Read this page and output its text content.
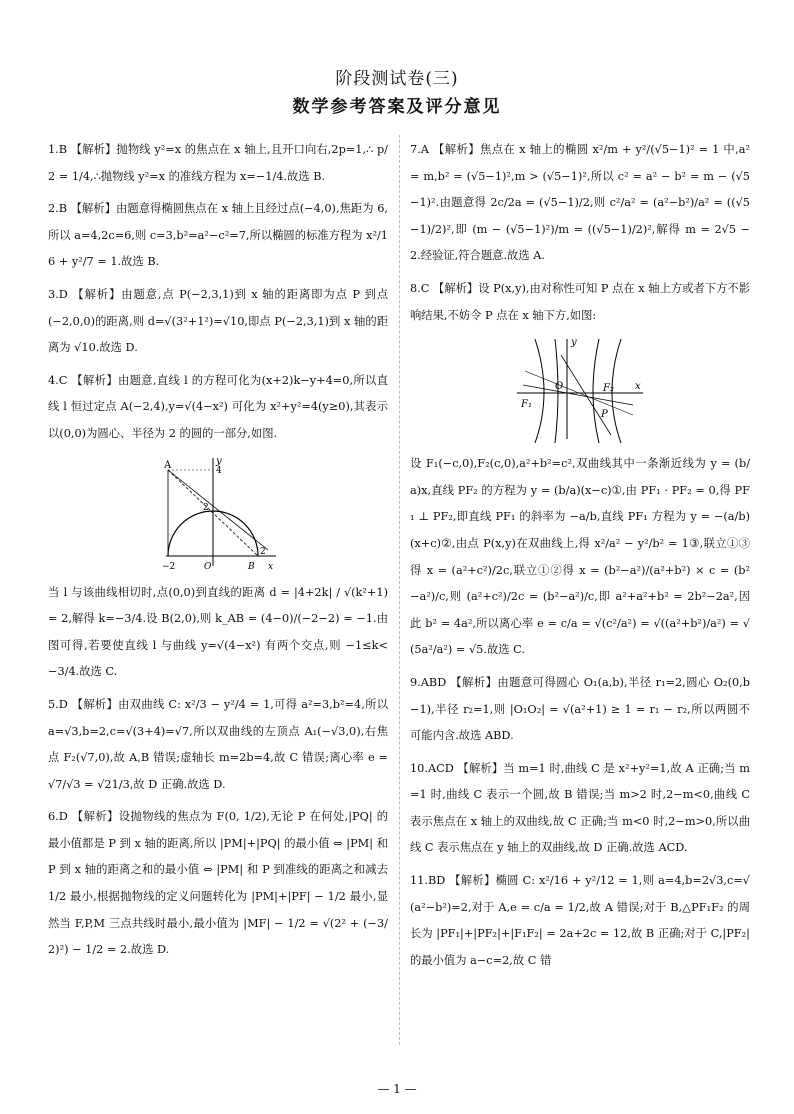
阶段测试卷(三)
数学参考答案及评分意见

1.B 【解析】抛物线 y²=x 的焦点在 x 轴上,且开口向右,2p=1,∴ p/2 = 1/4,∴抛物线 y²=x 的准线方程为 x=−1/4.故选 B.

2.B 【解析】由题意得椭圆焦点在 x 轴上且经过点(−4,0),焦距为 6,所以 a=4,2c=6,则 c=3,b²=a²−c²=7,所以椭圆的标准方程为 x²/16 + y²/7 = 1.故选 B.

3.D 【解析】由题意,点 P(−2,3,1)到 x 轴的距离即为点 P 到点(−2,0,0)的距离,则 d=√(3²+1²)=√10,即点 P(−2,3,1)到 x 轴的距离为 √10.故选 D.

4.C 【解析】由题意,直线 l 的方程可化为(x+2)k−y+4=0,所以直线 l 恒过定点 A(−2,4),y=√(4−x²) 可化为 x²+y²=4(y≥0),其表示以(0,0)为圆心、半径为 2 的圆的一部分,如图.

A	y
4
2
−2	O	B
2
x

当 l 与该曲线相切时,点(0,0)到直线的距离 d = |4+2k| / √(k²+1) = 2,解得 k=−3/4.设 B(2,0),则 k_AB = (4−0)/(−2−2) = −1.由图可得,若要使直线 l 与曲线 y=√(4−x²) 有两个交点,则 −1≤k<−3/4.故选 C.

5.D 【解析】由双曲线 C: x²/3 − y²/4 = 1,可得 a²=3,b²=4,所以 a=√3,b=2,c=√(3+4)=√7,所以双曲线的左顶点 A₁(−√3,0),右焦点 F₂(√7,0),故 A,B 错误;虚轴长 m=2b=4,故 C 错误;离心率 e = √7/√3 = √21/3,故 D 正确.故选 D.

6.D 【解析】设抛物线的焦点为 F(0, 1/2),无论 P 在何处,|PQ| 的最小值都是 P 到 x 轴的距离,所以 |PM|+|PQ| 的最小值 ⇔ |PM| 和 P 到 x 轴的距离之和的最小值 ⇔ |PM| 和 P 到准线的距离之和减去 1/2 最小,根据抛物线的定义问题转化为 |PM|+|PF| − 1/2 最小,显然当 F,P,M 三点共线时最小,最小值为 |MF| − 1/2 = √(2² + (−3/2)²) − 1/2 = 2.故选 D.

7.A 【解析】焦点在 x 轴上的椭圆 x²/m + y²/(√5−1)² = 1 中,a² = m,b² = (√5−1)²,m > (√5−1)²,所以 c² = a² − b² = m − (√5−1)².由题意得 2c/2a = (√5−1)/2,则 c²/a² = (a²−b²)/a² = ((√5−1)/2)²,即 (m − (√5−1)²)/m = ((√5−1)/2)²,解得 m = 2√5 − 2.经验证,符合题意.故选 A.

8.C 【解析】设 P(x,y),由对称性可知 P 点在 x 轴上方或者下方不影响结果,不妨令 P 点在 x 轴下方,如图:

y
F₁
O	F₂ x
P

设 F₁(−c,0),F₂(c,0),a²+b²=c²,双曲线其中一条渐近线为 y = (b/a)x,直线 PF₂ 的方程为 y = (b/a)(x−c)①,由 PF₁ · PF₂ = 0,得 PF₁ ⊥ PF₂,即直线 PF₁ 的斜率为 −a/b,直线 PF₁ 方程为 y = −(a/b)(x+c)②,由点 P(x,y)在双曲线上,得 x²/a² − y²/b² = 1③,联立①③得 x = (a²+c²)/2c,联立①②得 x = (b²−a²)/(a²+b²) × c = (b²−a²)/c,则 (a²+c²)/2c = (b²−a²)/c,即 a²+a²+b² = 2b²−2a²,因此 b² = 4a²,所以离心率 e = c/a = √(c²/a²) = √((a²+b²)/a²) = √(5a²/a²) = √5.故选 C.

9.ABD 【解析】由题意可得圆心 O₁(a,b),半径 r₁=2,圆心 O₂(0,b−1),半径 r₂=1,则 |O₁O₂| = √(a²+1) ≥ 1 = r₁ − r₂,所以两圆不可能内含.故选 ABD.

10.ACD 【解析】当 m=1 时,曲线 C 是 x²+y²=1,故 A 正确;当 m=1 时,曲线 C 表示一个圆,故 B 错误;当 m>2 时,2−m<0,曲线 C 表示焦点在 x 轴上的双曲线,故 C 正确;当 m<0 时,2−m>0,所以曲线 C 表示焦点在 y 轴上的双曲线,故 D 正确.故选 ACD.

11.BD 【解析】椭圆 C: x²/16 + y²/12 = 1,则 a=4,b=2√3,c=√(a²−b²)=2,对于 A,e = c/a = 1/2,故 A 错误;对于 B,△PF₁F₂ 的周长为 |PF₁|+|PF₂|+|F₁F₂| = 2a+2c = 12,故 B 正确;对于 C,|PF₂| 的最小值为 a−c=2,故 C 错

— 1 —
